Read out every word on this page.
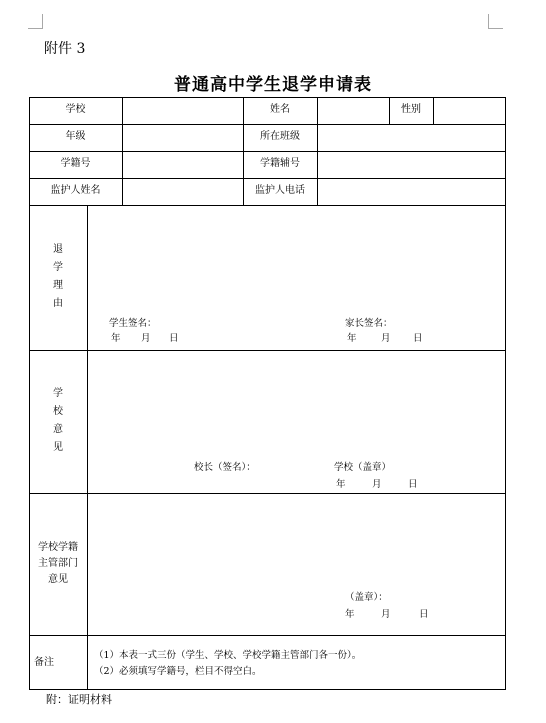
附件 3
普通高中学生退学申请表
学校	姓名	性别
年级	所在班级
学籍号	学籍辅号
监护人姓名	监护人电话
退
学
理
由
学生签名：
年 月 日
家长签名：
年	月 日
学
校
意
见
校长（签名）：	学校（盖章）
年	月	日
学校学籍
主管部门
意见
（盖章）：
年	月	日
备注
（1）本表一式三份（学生、学校、学校学籍主管部门各一份）。
（2）必须填写学籍号，栏目不得空白。
附：证明材料
